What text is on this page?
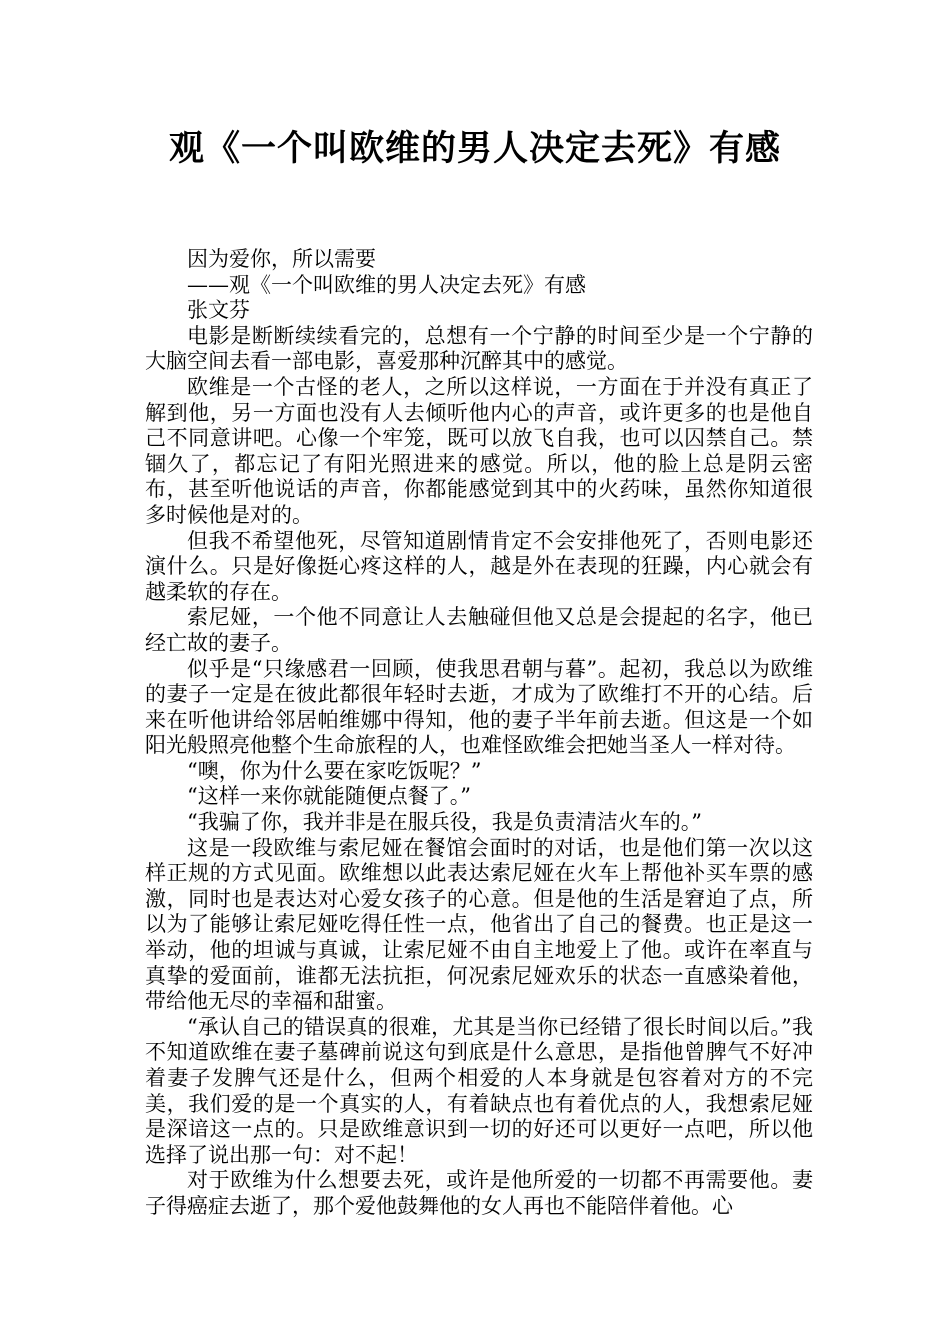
观《一个叫欧维的男人决定去死》有感

因为爱你，所以需要

——观《一个叫欧维的男人决定去死》有感

张文芬

电影是断断续续看完的，总想有一个宁静的时间至少是一个宁静的大脑空间去看一部电影，喜爱那种沉醉其中的感觉。

欧维是一个古怪的老人，之所以这样说，一方面在于并没有真正了解到他，另一方面也没有人去倾听他内心的声音，或许更多的也是他自己不同意讲吧。心像一个牢笼，既可以放飞自我，也可以囚禁自己。禁锢久了，都忘记了有阳光照进来的感觉。所以，他的脸上总是阴云密布，甚至听他说话的声音，你都能感觉到其中的火药味，虽然你知道很多时候他是对的。

但我不希望他死，尽管知道剧情肯定不会安排他死了，否则电影还演什么。只是好像挺心疼这样的人，越是外在表现的狂躁，内心就会有越柔软的存在。

索尼娅，一个他不同意让人去触碰但他又总是会提起的名字，他已经亡故的妻子。

似乎是“只缘感君一回顾，使我思君朝与暮”。起初，我总以为欧维的妻子一定是在彼此都很年轻时去逝，才成为了欧维打不开的心结。后来在听他讲给邻居帕维娜中得知，他的妻子半年前去逝。但这是一个如阳光般照亮他整个生命旅程的人，也难怪欧维会把她当圣人一样对待。

“噢，你为什么要在家吃饭呢？”

“这样一来你就能随便点餐了。”

“我骗了你，我并非是在服兵役，我是负责清洁火车的。”

这是一段欧维与索尼娅在餐馆会面时的对话，也是他们第一次以这样正规的方式见面。欧维想以此表达索尼娅在火车上帮他补买车票的感激，同时也是表达对心爱女孩子的心意。但是他的生活是窘迫了点，所以为了能够让索尼娅吃得任性一点，他省出了自己的餐费。也正是这一举动，他的坦诚与真诚，让索尼娅不由自主地爱上了他。或许在率直与真挚的爱面前，谁都无法抗拒，何况索尼娅欢乐的状态一直感染着他，带给他无尽的幸福和甜蜜。

“承认自己的错误真的很难，尤其是当你已经错了很长时间以后。”我不知道欧维在妻子墓碑前说这句到底是什么意思，是指他曾脾气不好冲着妻子发脾气还是什么，但两个相爱的人本身就是包容着对方的不完美，我们爱的是一个真实的人，有着缺点也有着优点的人，我想索尼娅是深谙这一点的。只是欧维意识到一切的好还可以更好一点吧，所以他选择了说出那一句：对不起！

对于欧维为什么想要去死，或许是他所爱的一切都不再需要他。妻子得癌症去逝了，那个爱他鼓舞他的女人再也不能陪伴着他。心
